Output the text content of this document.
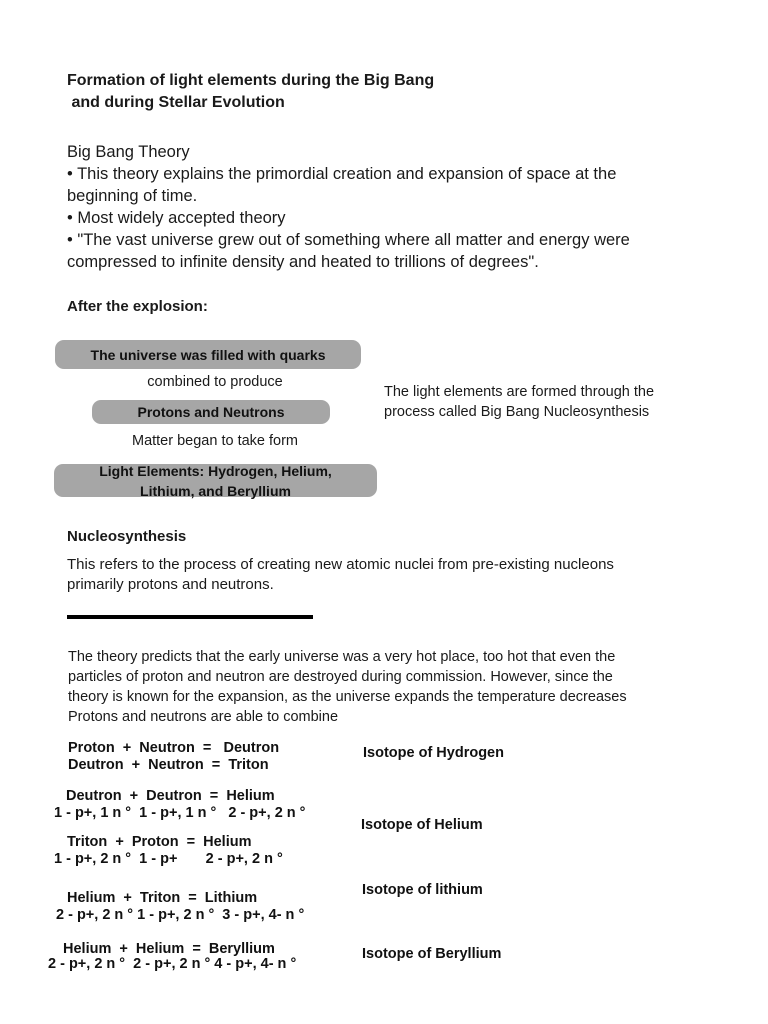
Formation of light elements during the Big Bang
and during Stellar Evolution
Big Bang Theory
• This theory explains the primordial creation and expansion of space at the
beginning of time.
• Most widely accepted theory
• "The vast universe grew out of something where all matter and energy were
compressed to infinite density and heated to trillions of degrees".
After the explosion:
The universe was filled with quarks
combined to produce
Protons and Neutrons
Matter began to take form
Light Elements: Hydrogen, Helium,
Lithium, and Beryllium
The light elements are formed through the
process called Big Bang Nucleosynthesis
Nucleosynthesis
This refers to the process of creating new atomic nuclei from pre-existing nucleons
primarily protons and neutrons.
The theory predicts that the early universe was a very hot place, too hot that even the
particles of proton and neutron are destroyed during commission. However, since the
theory is known for the expansion, as the universe expands the temperature decreases
Protons and neutrons are able to combine
Proton  +  Neutron  =   Deutron
Deutron  +  Neutron  =  Triton
Isotope of Hydrogen
Deutron  +  Deutron  =  Helium
1 - p+, 1 n °  1 - p+, 1 n °   2 - p+, 2 n °
Triton  +  Proton  =  Helium
1 - p+, 2 n °  1 - p+       2 - p+, 2 n °
Isotope of Helium
Helium  +  Triton  =  Lithium
2 - p+, 2 n ° 1 - p+, 2 n °  3 - p+, 4- n °
Isotope of lithium
Helium  +  Helium  =  Beryllium
2 - p+, 2 n °  2 - p+, 2 n ° 4 - p+, 4- n °
Isotope of Beryllium
